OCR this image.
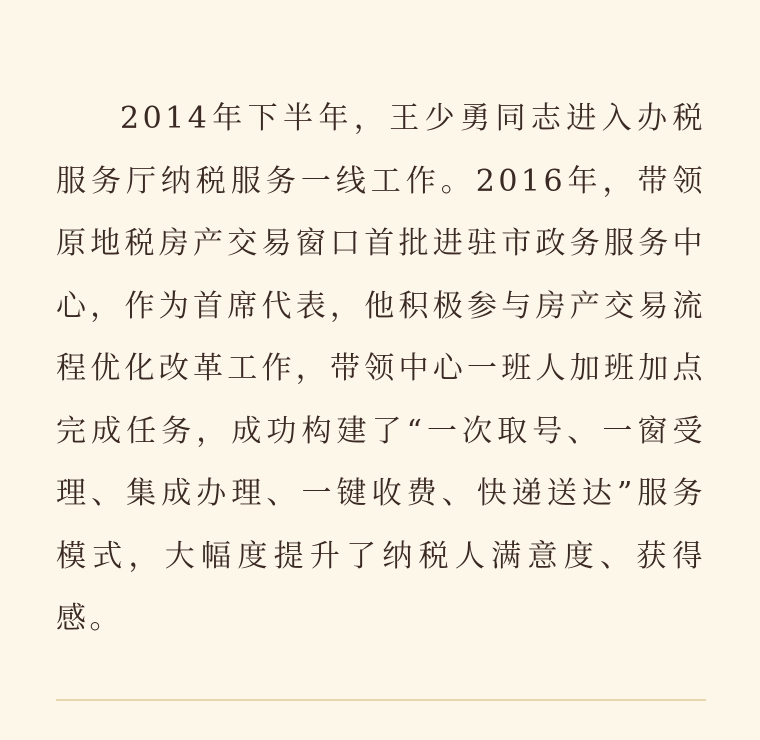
2014年下半年，王少勇同志进入办税服务厅纳税服务一线工作。2016年，带领原地税房产交易窗口首批进驻市政务服务中心，作为首席代表，他积极参与房产交易流程优化改革工作，带领中心一班人加班加点完成任务，成功构建了“一次取号、一窗受理、集成办理、一键收费、快递送达”服务模式，大幅度提升了纳税人满意度、获得感。
